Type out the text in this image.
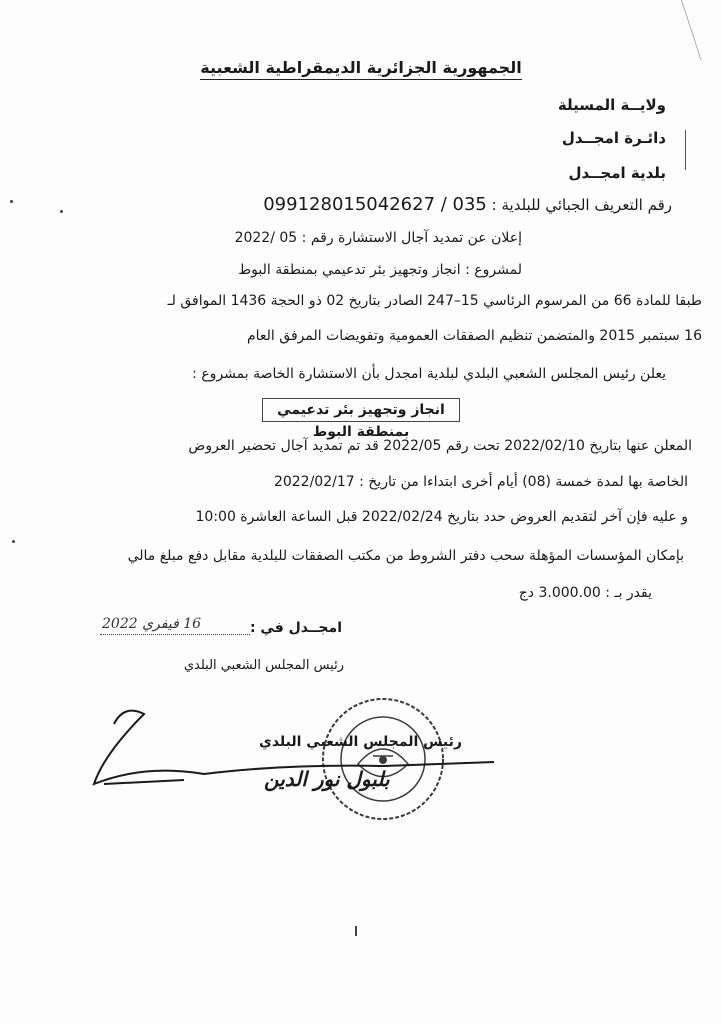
الجمهورية الجزائرية الديمقراطية الشعبية
ولايــة المسيلة
دائـرة امجــدل
بلدية امجــدل
رقم التعريف الجبائي للبلدية : 099128015042627 / 035
إعلان عن تمديد آجال الاستشارة رقم : 05 /2022
لمشروع : انجاز وتجهيز بئر تدعيمي بمنطقة البوط
طبقا للمادة 66 من المرسوم الرئاسي 15–247 الصادر بتاريخ 02 ذو الحجة 1436 الموافق لـ
16 سبتمبر 2015 والمتضمن تنظيم الصفقات العمومية وتفويضات المرفق العام
يعلن رئيس المجلس الشعبي البلدي لبلدية امجدل بأن الاستشارة الخاصة بمشروع :
انجاز وتجهيز بئر تدعيمي بمنطقة البوط
المعلن عنها بتاريخ 2022/02/10 تحت رقم 2022/05 قد تم تمديد آجال تحضير العروض
الخاصة بها لمدة خمسة (08) أيام أخرى ابتداءا من تاريخ : 2022/02/17
و عليه فإن آخر لتقديم العروض حدد بتاريخ 2022/02/24 قبل الساعة العاشرة 10:00
بإمكان المؤسسات المؤهلة سحب دفتر الشروط من مكتب الصفقات للبلدية مقابل دفع مبلغ مالي
يقدر بـ : 3.000.00 دج
امجــدل في :
16 فيفري 2022
رئيس المجلس الشعبي البلدي
رئيس المجلس الشعبي البلدي
بلبول نور الدين
